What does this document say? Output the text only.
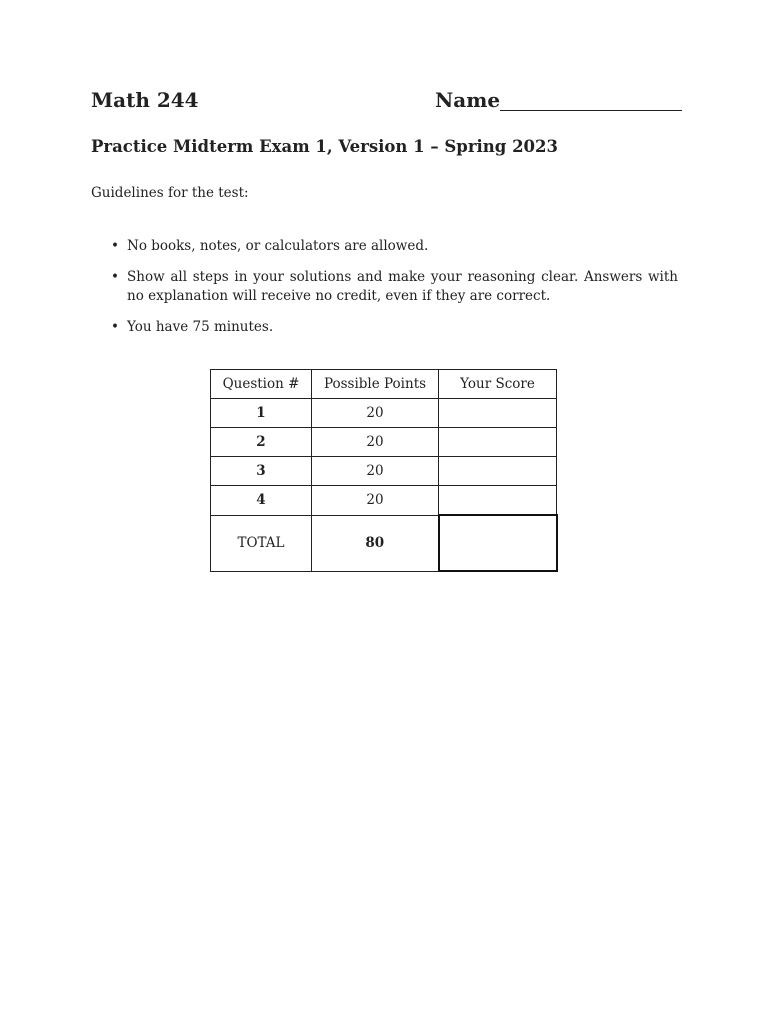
Math 244	Name
Practice Midterm Exam 1, Version 1 – Spring 2023
Guidelines for the test:
• No books, notes, or calculators are allowed.
• Show all steps in your solutions and make your reasoning clear. Answers with no explanation will receive no credit, even if they are correct.
• You have 75 minutes.
Question #	Possible Points	Your Score
1	20	
2	20	
3	20	
4	20	
TOTAL	80	
